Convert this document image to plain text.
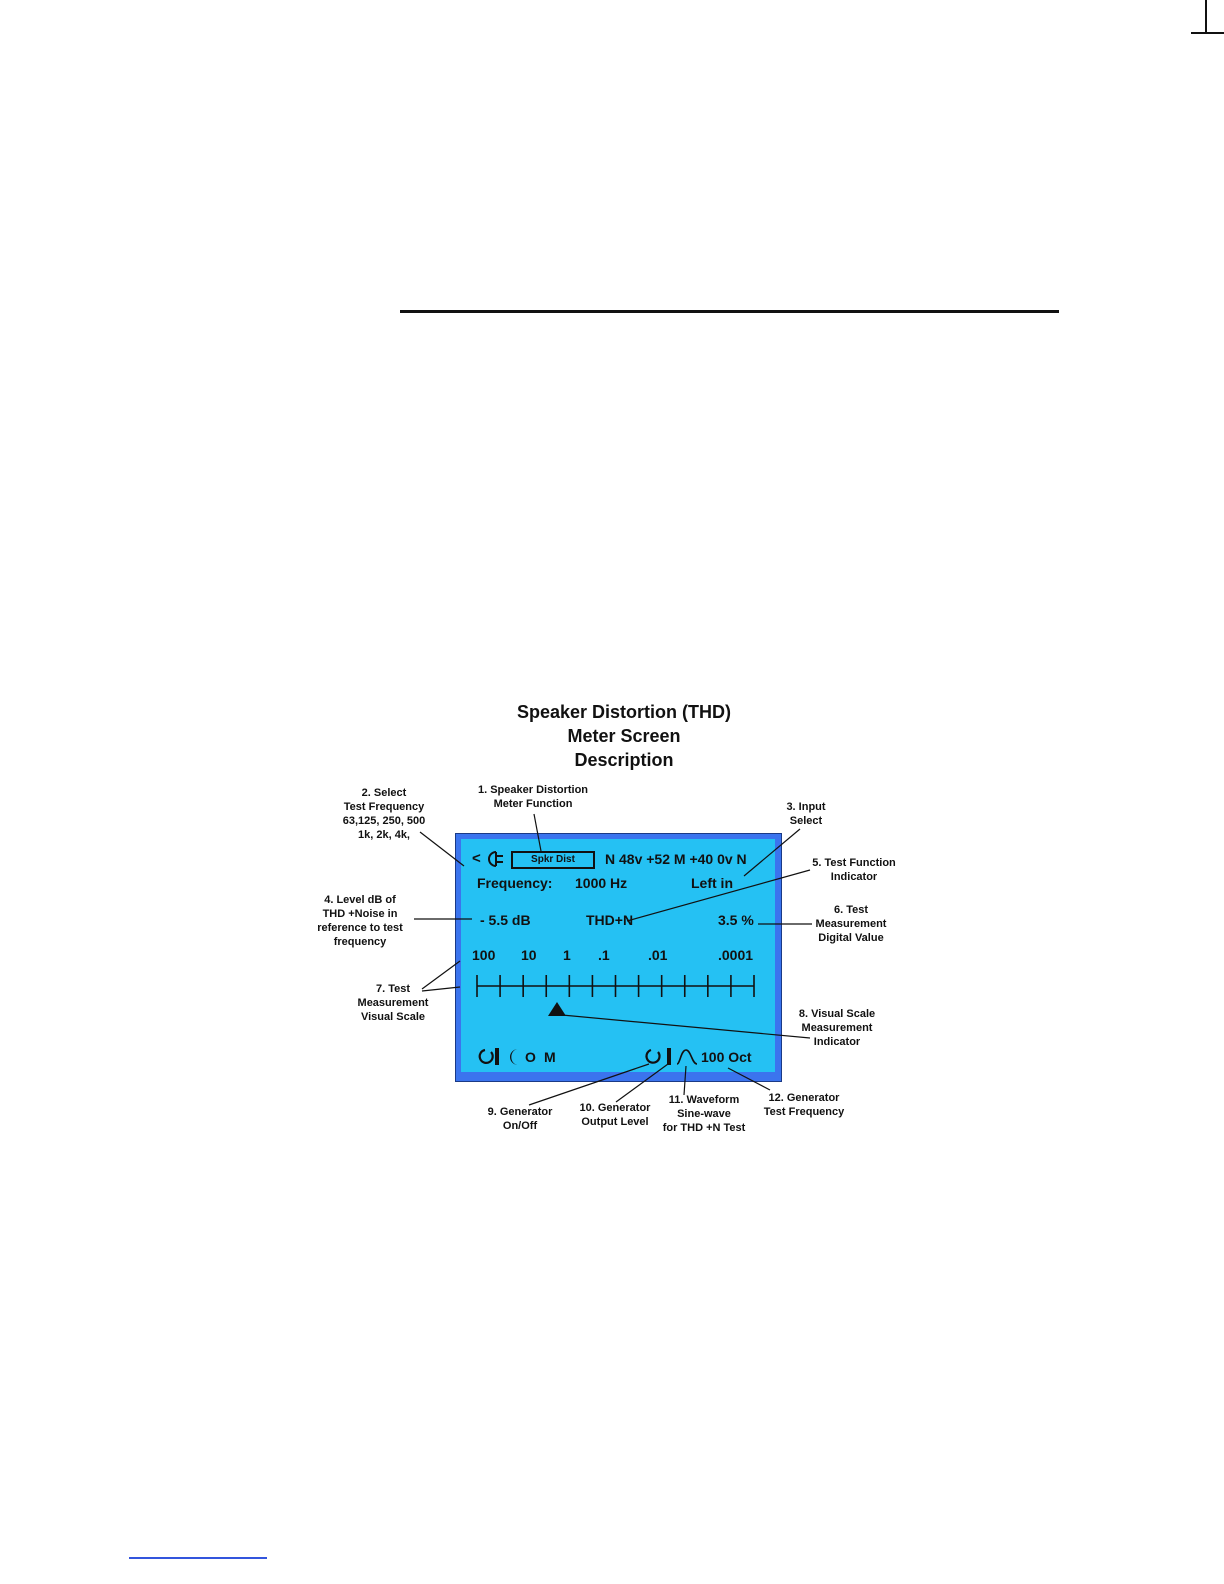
Speaker Distortion (THD)
Meter Screen
Description
<	Spkr Dist	N 48v +52 M +40 0v N
Frequency: 1000 Hz	Left in
- 5.5 dB	THD+N	3.5 %
100 10 1 .1	.01	.0001
O M	100 Oct
1. Speaker Distortion
Meter Function
2. Select
Test Frequency
63,125, 250, 500
1k, 2k, 4k,
3. Input
Select
4. Level dB of
THD +Noise in
reference to test
frequency
5. Test Function
Indicator
6. Test
Measurement
Digital Value
7. Test
Measurement
Visual Scale	8. Visual Scale
Measurement
Indicator
9. Generator
On/Off
10. Generator
Output Level
11. Waveform
Sine-wave
for THD +N Test
12. Generator
Test Frequency
